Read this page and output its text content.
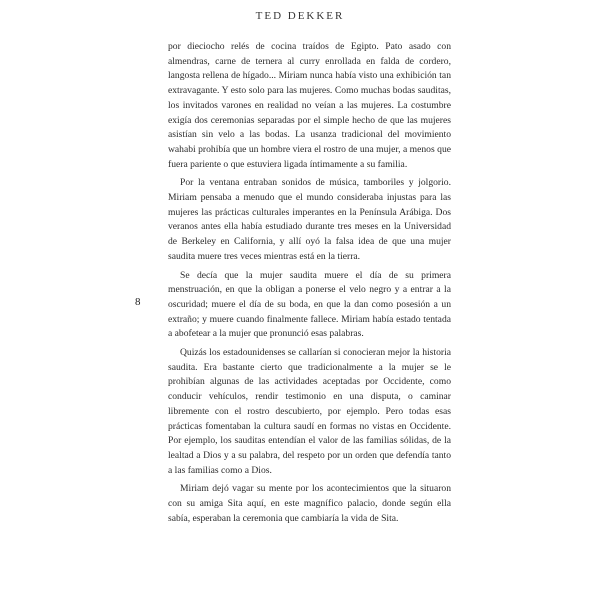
TED DEKKER
8

por dieciocho relés de cocina traídos de Egipto. Pato asado con almendras, carne de ternera al curry enrollada en falda de cordero, langosta rellena de hígado... Miriam nunca había visto una exhibición tan extravagante. Y esto solo para las mujeres. Como muchas bodas sauditas, los invitados varones en realidad no veían a las mujeres. La costumbre exigía dos ceremonias separadas por el simple hecho de que las mujeres asistían sin velo a las bodas. La usanza tradicional del movimiento wahabi prohibía que un hombre viera el rostro de una mujer, a menos que fuera pariente o que estuviera ligada íntimamente a su familia.

Por la ventana entraban sonidos de música, tamboriles y jolgorio. Miriam pensaba a menudo que el mundo consideraba injustas para las mujeres las prácticas culturales imperantes en la Península Arábiga. Dos veranos antes ella había estudiado durante tres meses en la Universidad de Berkeley en California, y allí oyó la falsa idea de que una mujer saudita muere tres veces mientras está en la tierra.

Se decía que la mujer saudita muere el día de su primera menstruación, en que la obligan a ponerse el velo negro y a entrar a la oscuridad; muere el día de su boda, en que la dan como posesión a un extraño; y muere cuando finalmente fallece. Miriam había estado tentada a abofetear a la mujer que pronunció esas palabras.

Quizás los estadounidenses se callarían si conocieran mejor la historia saudita. Era bastante cierto que tradicionalmente a la mujer se le prohibían algunas de las actividades aceptadas por Occidente, como conducir vehículos, rendir testimonio en una disputa, o caminar libremente con el rostro descubierto, por ejemplo. Pero todas esas prácticas fomentaban la cultura saudí en formas no vistas en Occidente. Por ejemplo, los sauditas entendían el valor de las familias sólidas, de la lealtad a Dios y a su palabra, del respeto por un orden que defendía tanto a las familias como a Dios.

Miriam dejó vagar su mente por los acontecimientos que la situaron con su amiga Sita aquí, en este magnífico palacio, donde según ella sabía, esperaban la ceremonia que cambiaría la vida de Sita.
